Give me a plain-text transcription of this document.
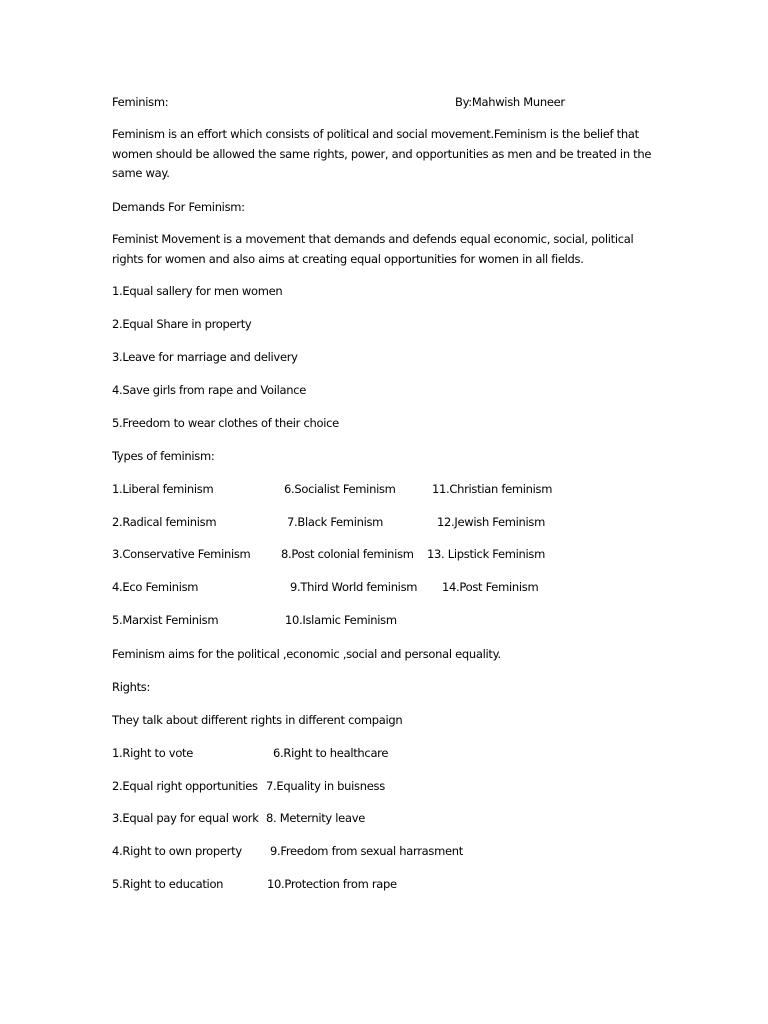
Feminism:	By:Mahwish Muneer
Feminism is an effort which consists of political and social movement.Feminism is the belief that women should be allowed the same rights, power, and opportunities as men and be treated in the same way.
Demands For Feminism:
Feminist Movement is a movement that demands and defends equal economic, social, political rights for women and also aims at creating equal opportunities for women in all fields.
1.Equal sallery for men women
2.Equal Share in property
3.Leave for marriage and delivery
4.Save girls from rape and Voilance
5.Freedom to wear clothes of their choice
Types of feminism:
1.Liberal feminism	6.Socialist Feminism	11.Christian feminism
2.Radical feminism	7.Black Feminism	12.Jewish Feminism
3.Conservative Feminism	8.Post colonial feminism 13. Lipstick Feminism
4.Eco Feminism	9.Third World feminism 14.Post Feminism
5.Marxist Feminism	10.Islamic Feminism
Feminism aims for the political ,economic ,social and personal equality.
Rights:
They talk about different rights in different compaign
1.Right to vote	6.Right to healthcare
2.Equal right opportunities 7.Equality in buisness
3.Equal pay for equal work 8. Meternity leave
4.Right to own property 9.Freedom from sexual harrasment
5.Right to education	10.Protection from rape
